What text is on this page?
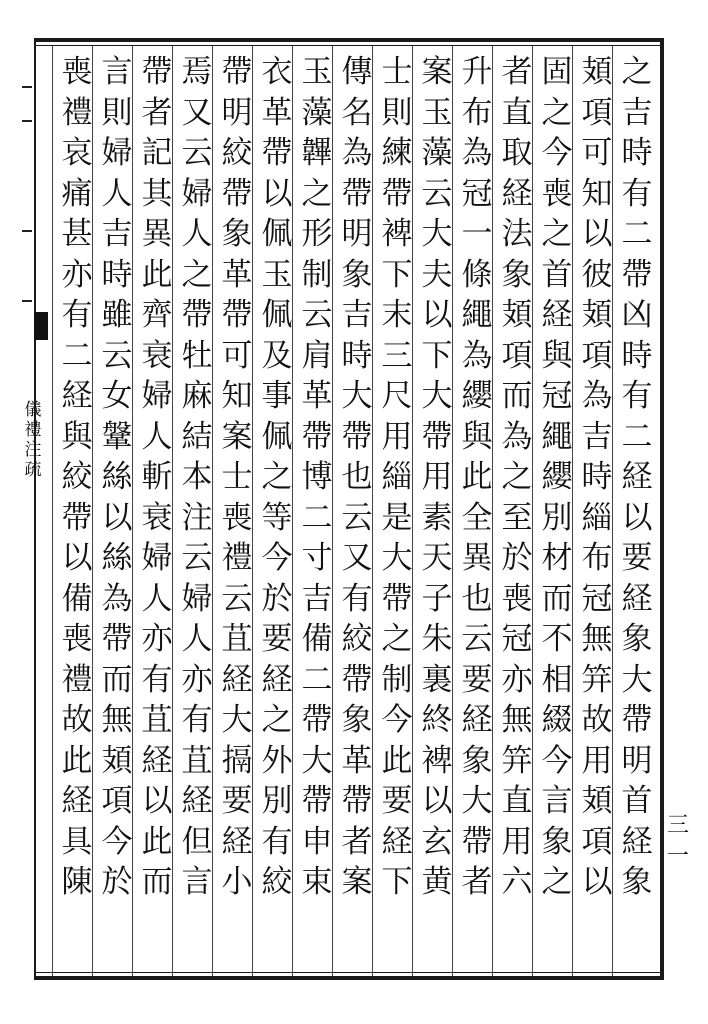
儀
禮
注
疏
三一
之
吉
時
有
二
帶
凶
時
有
二
経
以
要
経
象
大
帶
明
首
経
象
頍
項
可
知
以
彼
頍
項
為
吉
時
緇
布
冠
無
笄
故
用
頍
項
以
固
之
今
喪
之
首
経
與
冠
繩
纓
別
材
而
不
相
綴
今
言
象
之
者
直
取
経
法
象
頍
項
而
為
之
至
於
喪
冠
亦
無
笄
直
用
六
升
布
為
冠
一
條
繩
為
纓
與
此
全
異
也
云
要
経
象
大
帶
者
案
玉
藻
云
大
夫
以
下
大
帶
用
素
天
子
朱
裏
終
裨
以
玄
黄
士
則
練
帶
裨
下
末
三
尺
用
緇
是
大
帶
之
制
今
此
要
経
下
傳
名
為
帶
明
象
吉
時
大
帶
也
云
又
有
絞
帶
象
革
帶
者
案
玉
藻
韠
之
形
制
云
肩
革
帶
博
二
寸
吉
備
二
帶
大
帶
申
束
衣
革
帶
以
佩
玉
佩
及
事
佩
之
等
今
於
要
経
之
外
別
有
絞
帶
明
絞
帶
象
革
帶
可
知
案
士
喪
禮
云
苴
経
大
搹
要
経
小
焉
又
云
婦
人
之
帶
牡
麻
結
本
注
云
婦
人
亦
有
苴
経
但
言
帶
者
記
其
異
此
齊
衰
婦
人
斬
衰
婦
人
亦
有
苴
経
以
此
而
言
則
婦
人
吉
時
雖
云
女
鞶
絲
以
絲
為
帶
而
無
頍
項
今
於
喪
禮
哀
痛
甚
亦
有
二
経
與
絞
帶
以
備
喪
禮
故
此
経
具
陳
